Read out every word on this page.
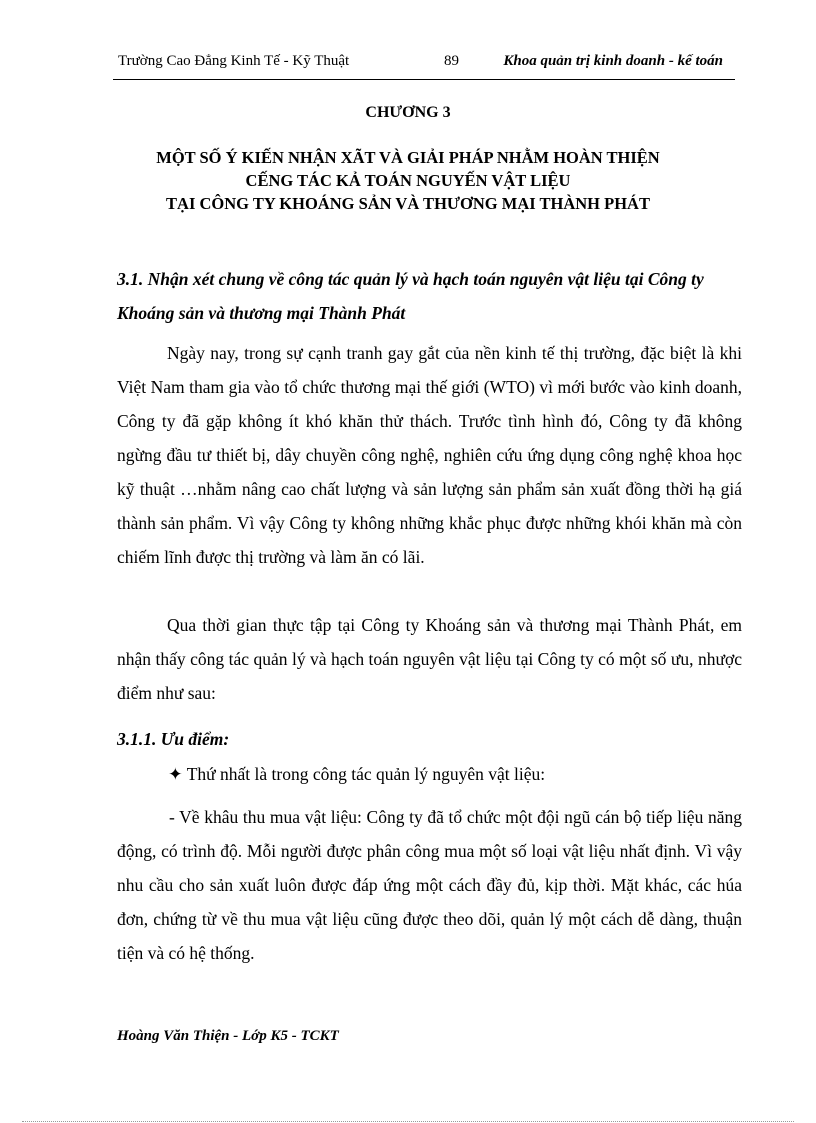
Trường Cao Đẳng Kinh Tế - Kỹ Thuật	89	Khoa quản trị kinh doanh - kế toán
CHƯƠNG 3
MỘT SỐ Ý KIẾN NHẬN XÃT VÀ GIẢI PHÁP NHẰM HOÀN THIỆN
CẾNG TÁC KẢ TOÁN NGUYẾN VẬT LIỆU
TẠI CÔNG TY KHOÁNG SẢN VÀ THƯƠNG MẠI THÀNH PHÁT
3.1. Nhận xét chung về công tác quản lý và hạch toán nguyên vật liệu tại Công ty Khoáng sản và thương mại Thành Phát
Ngày nay, trong sự cạnh tranh gay gắt của nền kinh tế thị trường, đặc biệt là khi Việt Nam tham gia vào tổ chức thương mại thế giới (WTO) vì mới bước vào kinh doanh, Công ty đã gặp không ít khó khăn thử thách. Trước tình hình đó, Công ty đã không ngừng đầu tư thiết bị, dây chuyền công nghệ, nghiên cứu ứng dụng công nghệ khoa học kỹ thuật …nhằm nâng cao chất lượng và sản lượng sản phẩm sản xuất đồng thời hạ giá thành sản phẩm. Vì vậy Công ty không những khắc phục được những khói khăn mà còn chiếm lĩnh được thị trường và làm ăn có lãi.
Qua thời gian thực tập tại Công ty Khoáng sản và thương mại Thành Phát, em nhận thấy công tác quản lý và hạch toán nguyên vật liệu tại Công ty có một số ưu, nhược điểm như sau:
3.1.1. Ưu điểm:
✦ Thứ nhất là trong công tác quản lý nguyên vật liệu:
- Về khâu thu mua vật liệu: Công ty đã tổ chức một đội ngũ cán bộ tiếp liệu năng động, có trình độ. Mỗi người được phân công mua một số loại vật liệu nhất định. Vì vậy nhu cầu cho sản xuất luôn được đáp ứng một cách đầy đủ, kịp thời. Mặt khác, các húa đơn, chứng từ về thu mua vật liệu cũng được theo dõi, quản lý một cách dễ dàng, thuận tiện và có hệ thống.
Hoàng Văn Thiện - Lớp K5 - TCKT
